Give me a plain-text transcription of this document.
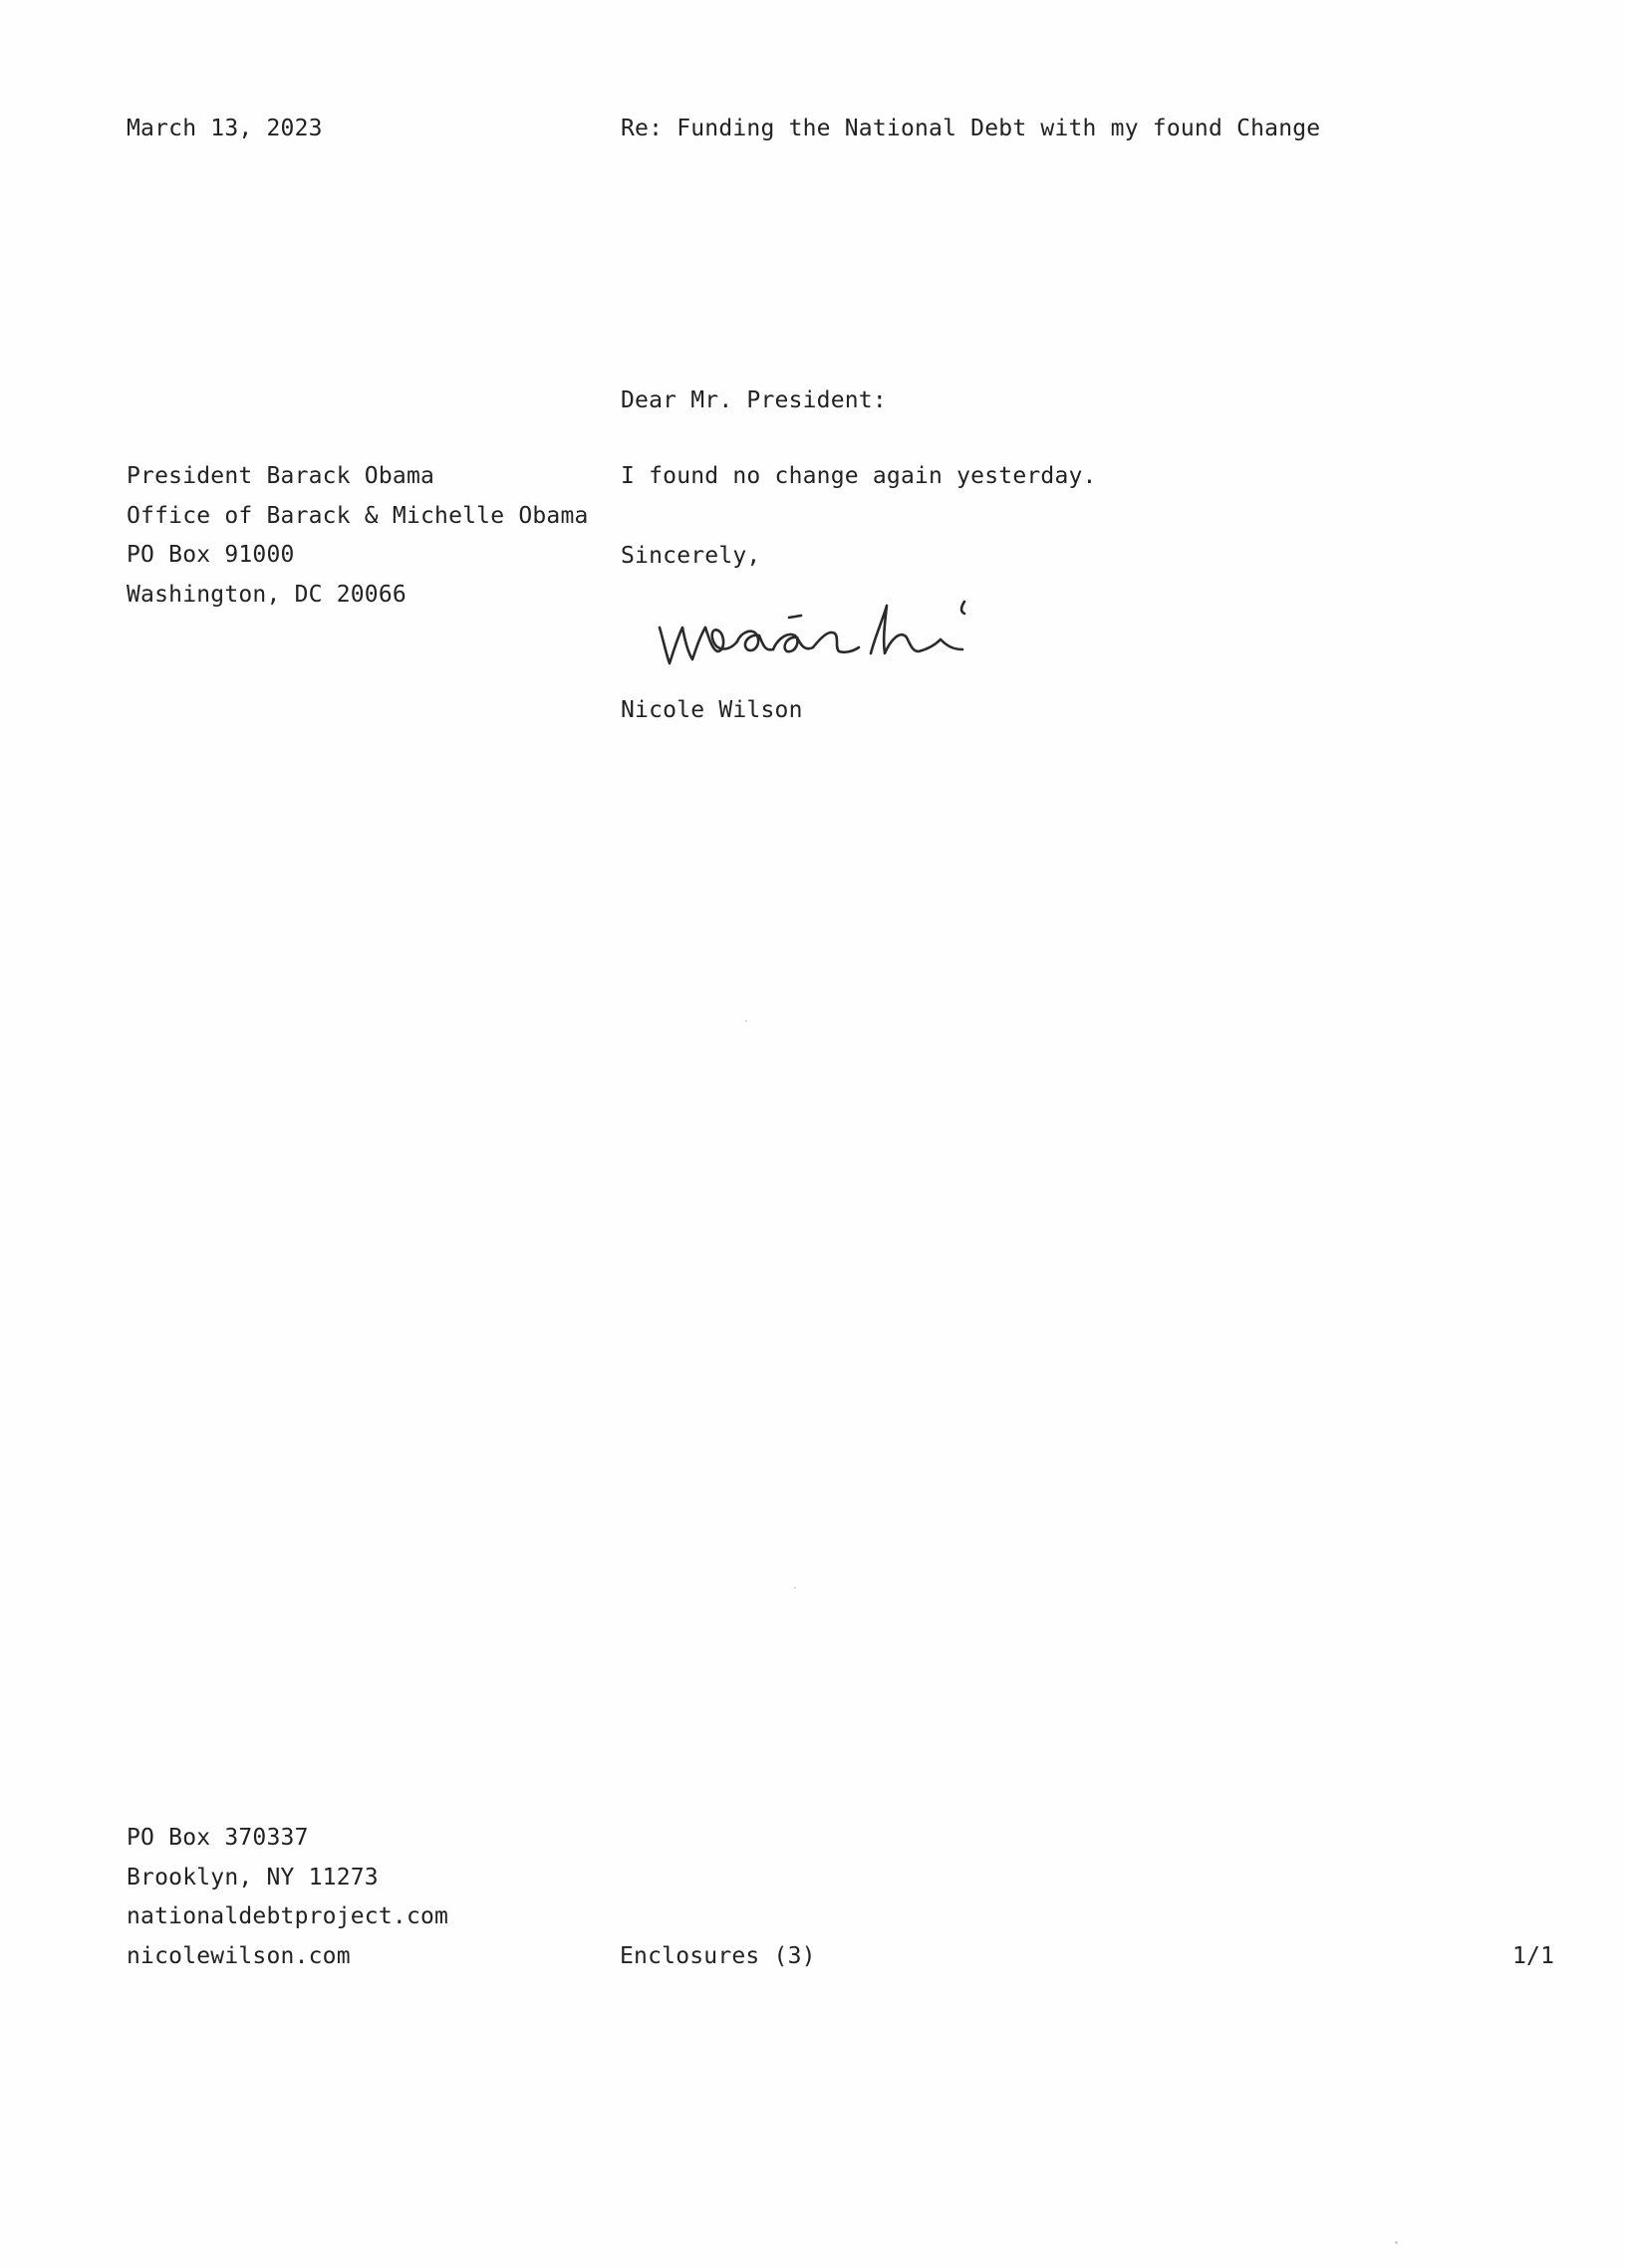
March 13, 2023	Re: Funding the National Debt with my found Change
Dear Mr. President:
President Barack Obama
Office of Barack & Michelle Obama
PO Box 91000
Washington, DC 20066
I found no change again yesterday.
Sincerely,
Nicole Wilson
PO Box 370337
Brooklyn, NY 11273
nationaldebtproject.com
nicolewilson.com	Enclosures (3)	1/1
